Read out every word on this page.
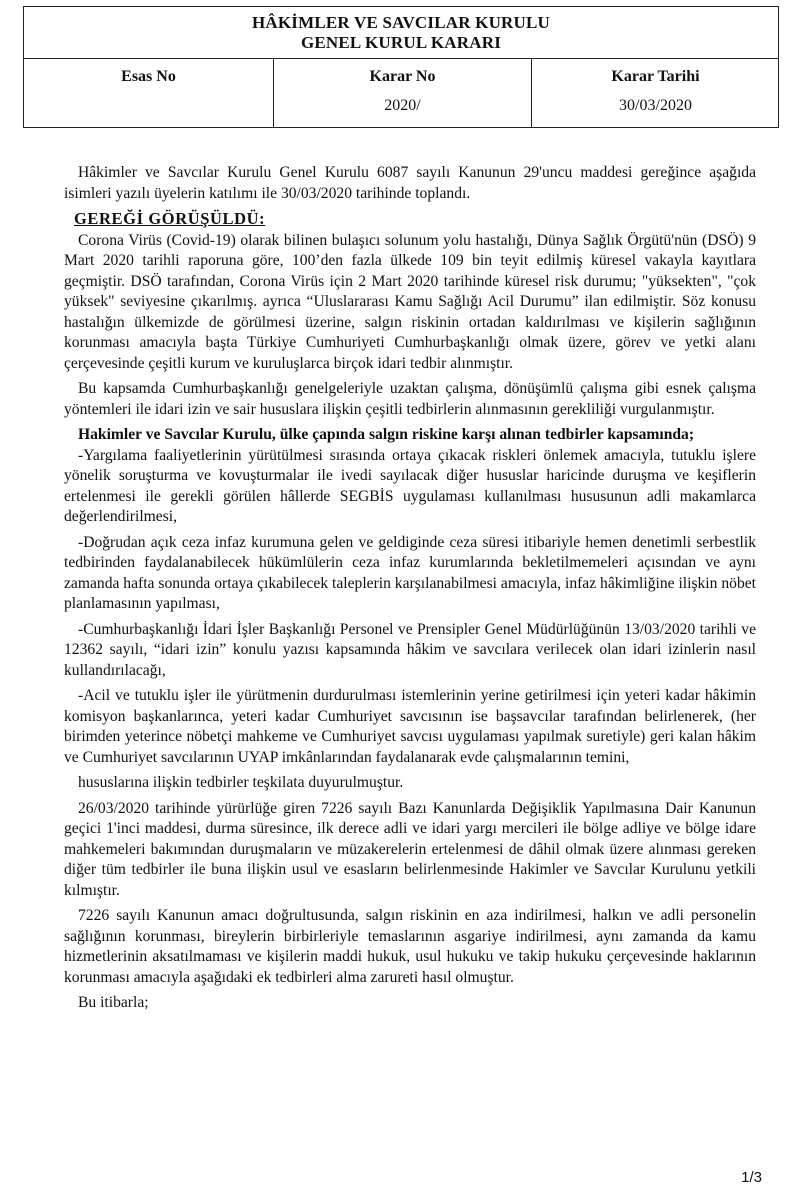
HÂKİMLER VE SAVCILAR KURULU
GENEL KURUL KARARI
Esas No	Karar No
2020/
Karar Tarihi
30/03/2020

Hâkimler ve Savcılar Kurulu Genel Kurulu 6087 sayılı Kanunun 29'uncu maddesi gereğince aşağıda isimleri yazılı üyelerin katılımı ile 30/03/2020 tarihinde toplandı.

GEREĞİ GÖRÜŞÜLDÜ:

Corona Virüs (Covid-19) olarak bilinen bulaşıcı solunum yolu hastalığı, Dünya Sağlık Örgütü'nün (DSÖ) 9 Mart 2020 tarihli raporuna göre, 100’den fazla ülkede 109 bin teyit edilmiş küresel vakayla kayıtlara geçmiştir. DSÖ tarafından, Corona Virüs için 2 Mart 2020 tarihinde küresel risk durumu; "yüksekten", "çok yüksek" seviyesine çıkarılmış. ayrıca “Uluslararası Kamu Sağlığı Acil Durumu” ilan edilmiştir. Söz konusu hastalığın ülkemizde de görülmesi üzerine, salgın riskinin ortadan kaldırılması ve kişilerin sağlığının korunması amacıyla başta Türkiye Cumhuriyeti Cumhurbaşkanlığı olmak üzere, görev ve yetki alanı çerçevesinde çeşitli kurum ve kuruluşlarca birçok idari tedbir alınmıştır.

Bu kapsamda Cumhurbaşkanlığı genelgeleriyle uzaktan çalışma, dönüşümlü çalışma gibi esnek çalışma yöntemleri ile idari izin ve sair hususlara ilişkin çeşitli tedbirlerin alınmasının gerekliliği vurgulanmıştır.

Hakimler ve Savcılar Kurulu, ülke çapında salgın riskine karşı alınan tedbirler kapsamında;

-Yargılama faaliyetlerinin yürütülmesi sırasında ortaya çıkacak riskleri önlemek amacıyla, tutuklu işlere yönelik soruşturma ve kovuşturmalar ile ivedi sayılacak diğer hususlar haricinde duruşma ve keşiflerin ertelenmesi ile gerekli görülen hâllerde SEGBİS uygulaması kullanılması hususunun adli makamlarca değerlendirilmesi,

-Doğrudan açık ceza infaz kurumuna gelen ve geldiginde ceza süresi itibariyle hemen denetimli serbestlik tedbirinden faydalanabilecek hükümlülerin ceza infaz kurumlarında bekletilmemeleri açısından ve aynı zamanda hafta sonunda ortaya çıkabilecek taleplerin karşılanabilmesi amacıyla, infaz hâkimliğine ilişkin nöbet planlamasının yapılması,

-Cumhurbaşkanlığı İdari İşler Başkanlığı Personel ve Prensipler Genel Müdürlüğünün 13/03/2020 tarihli ve 12362 sayılı, “idari izin” konulu yazısı kapsamında hâkim ve savcılara verilecek olan idari izinlerin nasıl kullandırılacağı,

-Acil ve tutuklu işler ile yürütmenin durdurulması istemlerinin yerine getirilmesi için yeteri kadar hâkimin komisyon başkanlarınca, yeteri kadar Cumhuriyet savcısının ise başsavcılar tarafından belirlenerek, (her birimden yeterince nöbetçi mahkeme ve Cumhuriyet savcısı uygulaması yapılmak suretiyle) geri kalan hâkim ve Cumhuriyet savcılarının UYAP imkânlarından faydalanarak evde çalışmalarının temini,

hususlarına ilişkin tedbirler teşkilata duyurulmuştur.

26/03/2020 tarihinde yürürlüğe giren 7226 sayılı Bazı Kanunlarda Değişiklik Yapılmasına Dair Kanunun geçici 1'inci maddesi, durma süresince, ilk derece adli ve idari yargı mercileri ile bölge adliye ve bölge idare mahkemeleri bakımından duruşmaların ve müzakerelerin ertelenmesi de dâhil olmak üzere alınması gereken diğer tüm tedbirler ile buna ilişkin usul ve esasların belirlenmesinde Hakimler ve Savcılar Kurulunu yetkili kılmıştır.

7226 sayılı Kanunun amacı doğrultusunda, salgın riskinin en aza indirilmesi, halkın ve adli personelin sağlığının korunması, bireylerin birbirleriyle temaslarının asgariye indirilmesi, aynı zamanda da kamu hizmetlerinin aksatılmaması ve kişilerin maddi hukuk, usul hukuku ve takip hukuku çerçevesinde haklarının korunması amacıyla aşağıdaki ek tedbirleri alma zarureti hasıl olmuştur.

Bu itibarla;

1/3
